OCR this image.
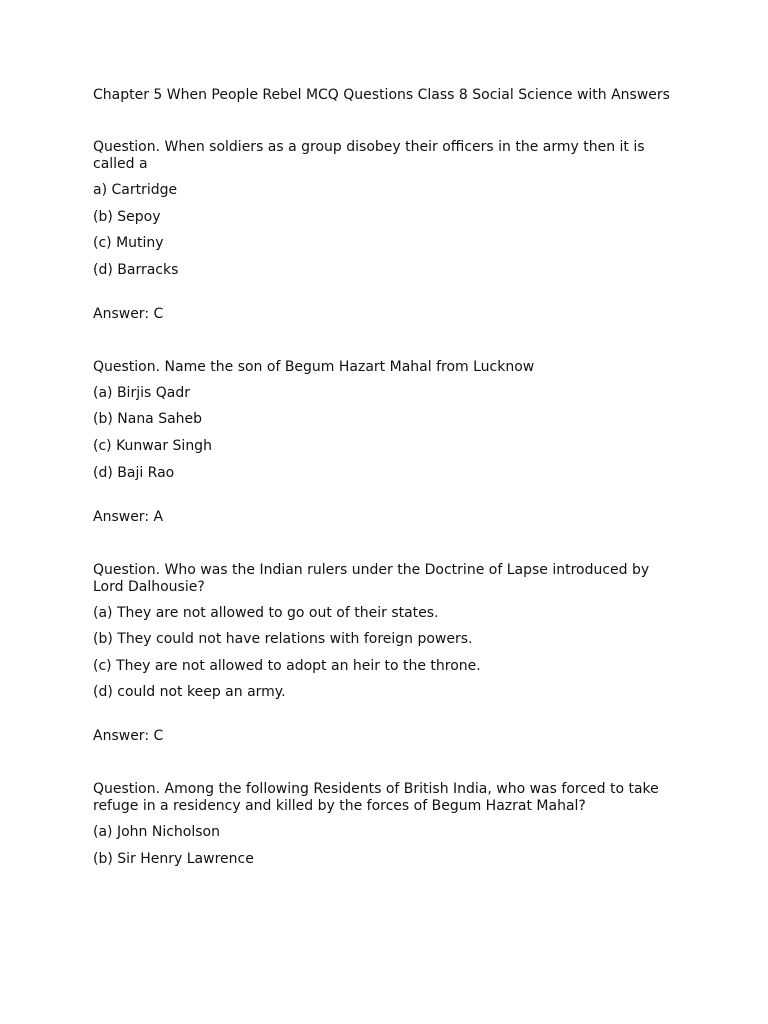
Chapter 5 When People Rebel MCQ Questions Class 8 Social Science with Answers

Question. When soldiers as a group disobey their officers in the army then it is called a

a) Cartridge

(b) Sepoy

(c) Mutiny

(d) Barracks

Answer: C

Question. Name the son of Begum Hazart Mahal from Lucknow

(a) Birjis Qadr

(b) Nana Saheb

(c) Kunwar Singh

(d) Baji Rao

Answer: A

Question. Who was the Indian rulers under the Doctrine of Lapse introduced by Lord Dalhousie?

(a) They are not allowed to go out of their states.

(b) They could not have relations with foreign powers.

(c) They are not allowed to adopt an heir to the throne.

(d) could not keep an army.

Answer: C

Question. Among the following Residents of British India, who was forced to take refuge in a residency and killed by the forces of Begum Hazrat Mahal?

(a) John Nicholson

(b) Sir Henry Lawrence
